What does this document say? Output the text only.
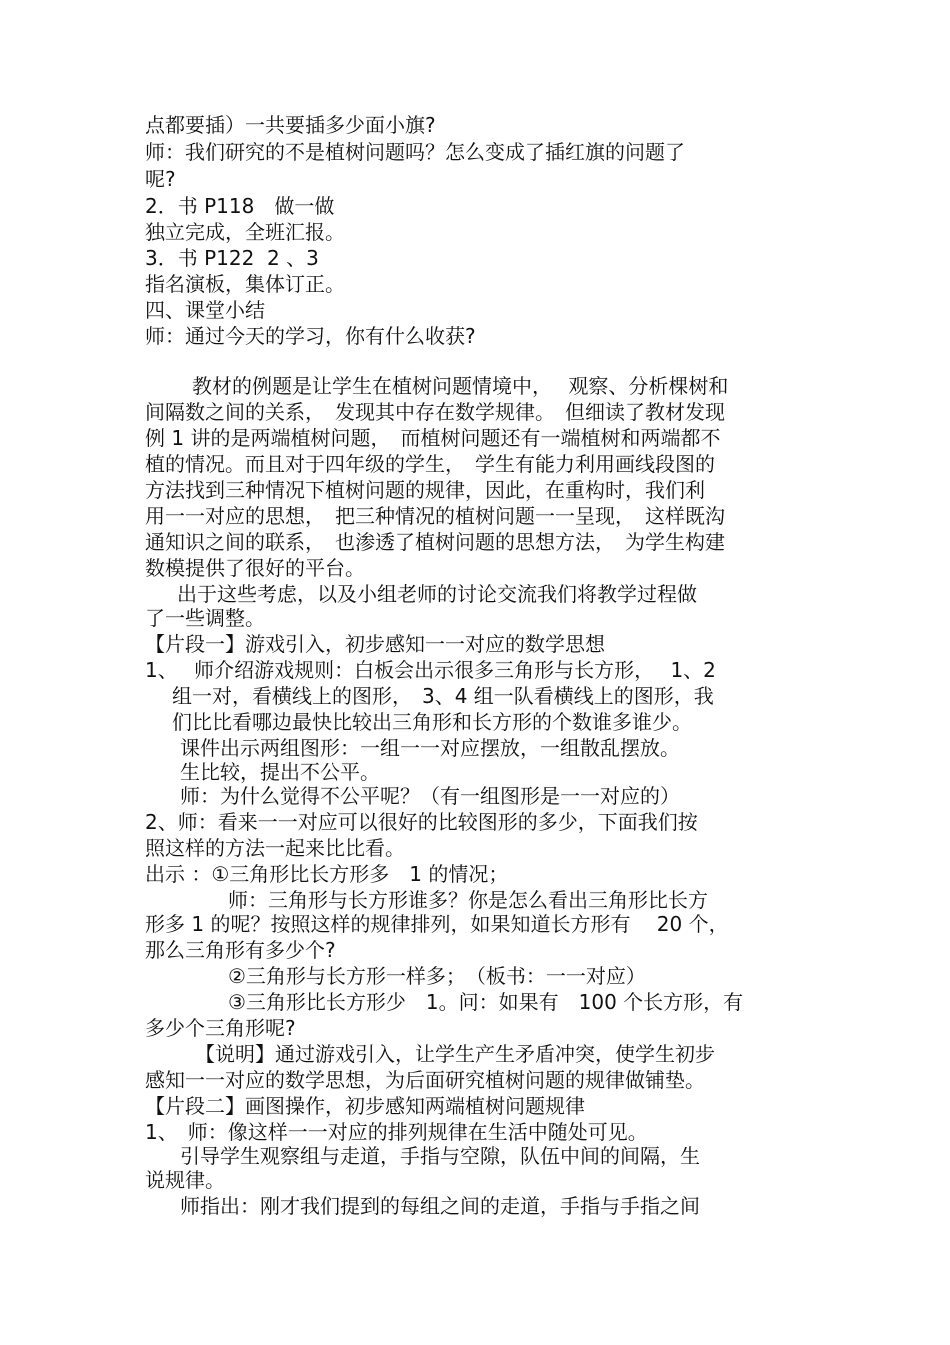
点都要插）一共要插多少面小旗?
师：我们研究的不是植树问题吗？怎么变成了插红旗的问题了
呢?
2．书 P118　做一做
独立完成，全班汇报。
3．书 P122  2 、3
指名演板，集体订正。
四、课堂小结
师：通过今天的学习，你有什么收获?
教材的例题是让学生在植树问题情境中，　 观察、分析棵树和
间隔数之间的关系，　发现其中存在数学规律。　但细读了教材发现
例 1 讲的是两端植树问题，　而植树问题还有一端植树和两端都不
植的情况。而且对于四年级的学生，　学生有能力利用画线段图的
方法找到三种情况下植树问题的规律，因此，在重构时，我们利
用一一对应的思想，　把三种情况的植树问题一一呈现，　这样既沟
通知识之间的联系，　也渗透了植树问题的思想方法，　为学生构建
数模提供了很好的平台。
出于这些考虑，以及小组老师的讨论交流我们将教学过程做
了一些调整。
【片段一】游戏引入，初步感知一一对应的数学思想
1、　 师介绍游戏规则：白板会出示很多三角形与长方形，　 1、2
组一对，看横线上的图形，　3、4 组一队看横线上的图形，我
们比比看哪边最快比较出三角形和长方形的个数谁多谁少。
课件出示两组图形：一组一一对应摆放，一组散乱摆放。
生比较，提出不公平。
师：为什么觉得不公平呢？（有一组图形是一一对应的）
2、师：看来一一对应可以很好的比较图形的多少，下面我们按
照这样的方法一起来比比看。
出示 ：①三角形比长方形多　1 的情况；
师：三角形与长方形谁多？你是怎么看出三角形比长方
形多 1 的呢？按照这样的规律排列，如果知道长方形有　 20 个，
那么三角形有多少个?
②三角形与长方形一样多；　（板书：一一对应）
③三角形比长方形少　1。问：如果有　100 个长方形，有
多少个三角形呢?
【说明】通过游戏引入，让学生产生矛盾冲突，使学生初步
感知一一对应的数学思想，为后面研究植树问题的规律做铺垫。
【片段二】画图操作，初步感知两端植树问题规律
1、　师：像这样一一对应的排列规律在生活中随处可见。
引导学生观察组与走道，手指与空隙，队伍中间的间隔，生
说规律。
师指出：刚才我们提到的每组之间的走道，手指与手指之间
